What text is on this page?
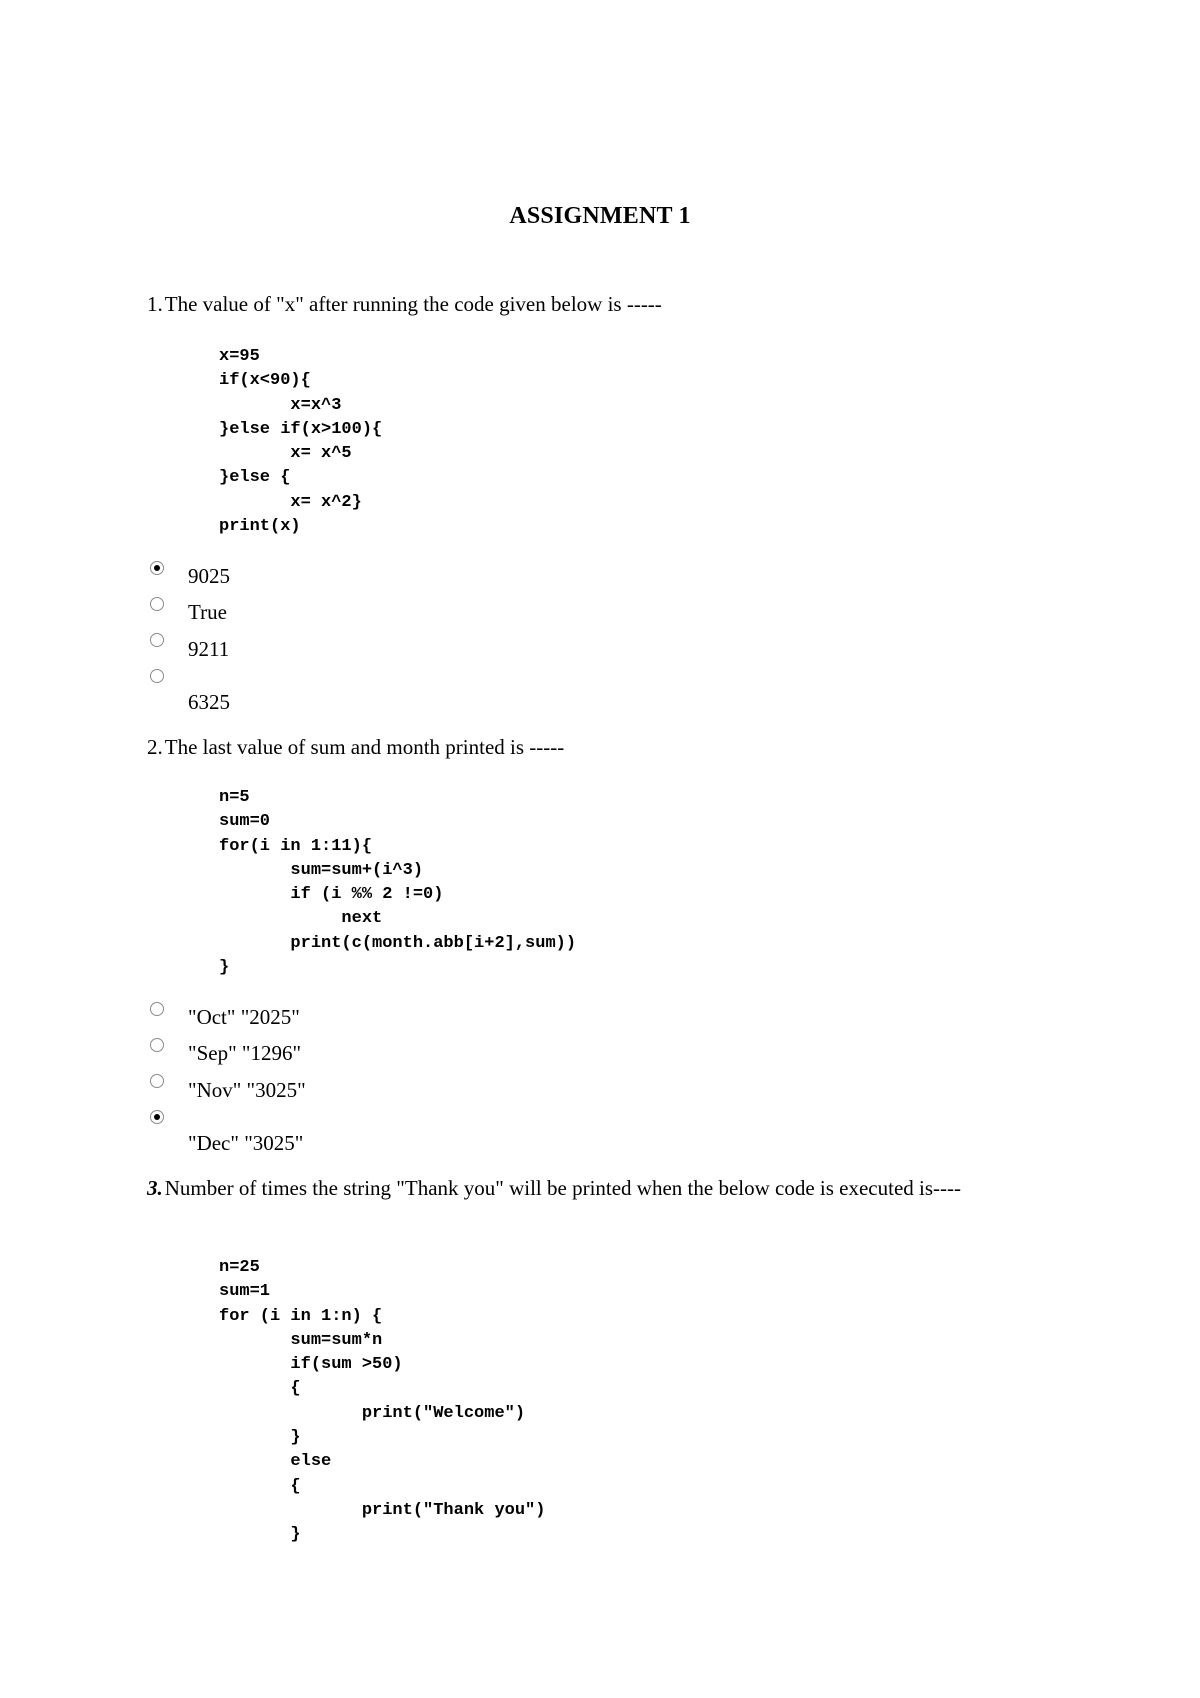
ASSIGNMENT 1
1.The value of "x" after running the code given below is -----
x=95
if(x<90){
x=x^3
}else if(x>100){
x= x^5
}else {
x= x^2}
print(x)
9025
True
9211
6325
2.The last value of sum and month printed is -----
n=5
sum=0
for(i in 1:11){
sum=sum+(i^3)
if (i %% 2 !=0)
next
print(c(month.abb[i+2],sum))
}
"Oct" "2025"
"Sep" "1296"
"Nov" "3025"
"Dec" "3025"
3.Number of times the string "Thank you" will be printed when the below code is executed is----
n=25
sum=1
for (i in 1:n) {
sum=sum*n
if(sum >50)
{
print("Welcome")
}
else
{
print("Thank you")
}
